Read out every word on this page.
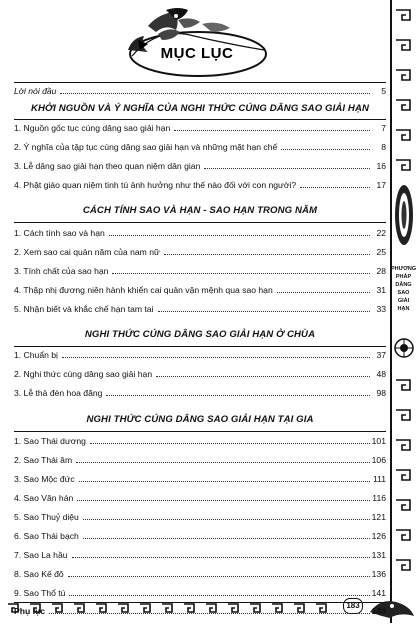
MỤC LỤC
PHƯƠNG
PHÁP
DÂNG
SAO
GIẢI
HẠN
183
Lời nói đầu	5
KHỞI NGUỒN VÀ Ý NGHĨA CỦA NGHI THỨC CÚNG DÂNG SAO GIẢI HẠN
1. Nguồn gốc tục cúng dâng sao giải hạn	7
2. Ý nghĩa của tập tục cúng dâng sao giải hạn và những mặt hạn chế	8
3. Lễ dâng sao giải hạn theo quan niệm dân gian	16
4. Phật giáo quan niệm tinh tú ảnh hưởng như thế nào đối với con người?	17
CÁCH TÍNH SAO VÀ HẠN - SAO HẠN TRONG NĂM
1. Cách tính sao và hạn	22
2. Xem sao cai quản năm của nam nữ	25
3. Tính chất của sao hạn	28
4. Thập nhị đương niên hành khiển cai quản vận mệnh qua sao hạn	31
5. Nhận biết và khắc chế hạn tam tai	33
NGHI THỨC CÚNG DÂNG SAO GIẢI HẠN Ở CHÙA
1. Chuẩn bị	37
2. Nghi thức cúng dâng sao giải hạn	48
3. Lễ thả đèn hoa đăng	98
NGHI THỨC CÚNG DÂNG SAO GIẢI HẠN TẠI GIA
1. Sao Thái dương	101
2. Sao Thái âm	106
3. Sao Mộc đức	111
4. Sao Vân hán	116
5. Sao Thuỷ diệu	121
6. Sao Thái bạch	126
7. Sao La hầu	131
8. Sao Kế đô	136
9. Sao Thổ tú	141
Phụ lục	146
